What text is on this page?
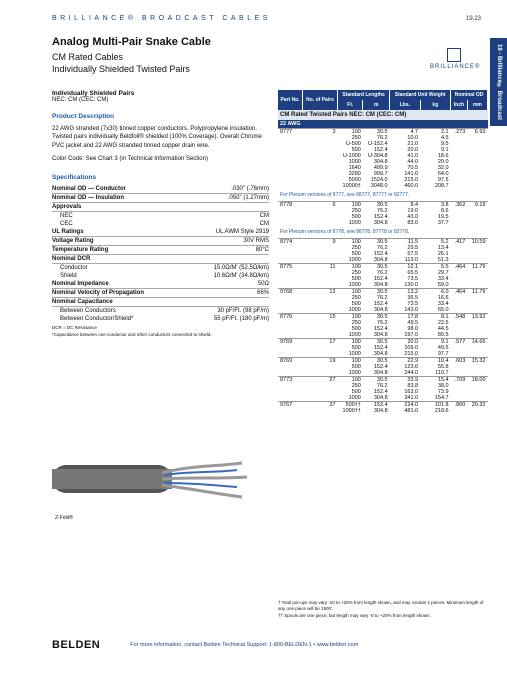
BRILLIANCE® BROADCAST CABLES	19.23
19 - Brilliance® Broadcast
Analog Multi-Pair Snake Cable
CM Rated Cables
Individually Shielded Twisted Pairs	BRILLIANCE®
Individually Shielded Pairs
NEC: CM (CEC: CM)
Product Description
22 AWG stranded (7x30) tinned copper conductors. Polypropylene insulation. Twisted pairs individually Beldfoil® shielded (100% Coverage). Overall Chrome PVC jacket and 22 AWG stranded tinned copper drain wire.
Color Code: See Chart 3 (in Technical Information Section)
Specifications
Nominal OD — Conductor	.030" (.76mm)
Nominal OD — Insulation	.050" (1.27mm)
Approvals
NEC	CM
CEC	CM
UL Ratings	UL AWM Style 2919
Voltage Rating	30V RMS
Temperature Rating	80°C
Nominal DCR
Conductor	15.0Ω/M' (52.5Ω/km)
Shield	10.6Ω/M' (34.8Ω/km)
Nominal Impedance	50Ω
Nominal Velocity of Propagation	66%
Nominal Capacitance
Between Conductors	30 pF/Ft. (98 pF/m)
Between Conductor/Shield*	55 pF/Ft. (180 pF/m)
DCR = DC Resistance
*Capacitance between one conductor and other conductors connected to shield.
Z-Fold®
Part No.	No. of Pairs	Standard Lengths		Standard Unit Weight		Nominal OD	
		Ft.	m	Lbs.	kg	Inch	mm
CM Rated Twisted Pairs NEC: CM (CEC: CM)							
22 AWG							
8777	3	100	30.5	4.7	2.1	.273	6.93
		250	76.2	10.0	4.5		
		U-500	U-152.4	21.0	9.5		
		500	152.4	20.0	9.1		
		U-1000	U-304.8	41.0	18.6		
		1000	304.8	44.0	20.0		
		1640	499.9	70.5	32.0		
		3280	999.7	141.0	64.0		
		5000	1524.0	215.0	97.5		
		10000†	3048.0	460.0	208.7		
For Plenum versions of 8777, see 88777, 87777 or 82777.							
8778	6	100	30.5	8.4	3.8	.362	9.19
		250	76.2	19.0	8.6		
		500	152.4	43.0	19.5		
		1000	304.8	83.0	37.7		
For Plenum versions of 8778, see 88778, 87778 or 82778.							
8774	9	100	30.5	11.5	5.2	.417	10.59
		250	76.2	29.5	13.4		
		500	152.4	57.5	26.1		
		1000	304.8	113.0	51.3		
8775	11	100	30.5	12.1	5.5	.464	11.79
		250	76.2	65.5	29.7		
		500	152.4	73.5	33.4		
		1000	304.8	130.0	59.0		
9768	12	100	30.5	13.2	6.0	.464	11.79
		250	76.2	36.5	16.6		
		500	152.4	73.5	33.4		
		1000	304.8	143.0	65.0		
8776	15	100	30.5	17.8	8.1	.548	13.92
		250	76.2	49.5	22.5		
		500	152.4	98.0	44.5		
		1000	304.8	197.0	89.5		
9769	17	100	30.5	20.0	9.1	.577	14.66
		500	152.4	109.0	49.5		
		1000	304.8	215.0	97.7		
8769	19	100	30.5	22.9	10.4	.603	15.32
		500	152.4	123.0	55.8		
		1000	304.8	244.0	110.7		
8773	27	100	30.5	33.9	15.4	.709	18.00
		250	76.2	83.8	38.0		
		500	152.4	163.0	73.9		
		1000	304.8	341.0	154.7		
9767	37	500††	152.4	224.0	101.8	.800	20.32
		1000††	304.8	481.0	218.6		
† Total put-ups may vary -10 to +20% from length shown, and may contain 2 pieces. Minimum length of any one piece will be 1500'.
†† Spools are one piece, but length may vary -0 to +20% from length shown.
BELDEN	For more information, contact Belden Technical Support: 1-800-BELDEN-1 • www.belden.com
